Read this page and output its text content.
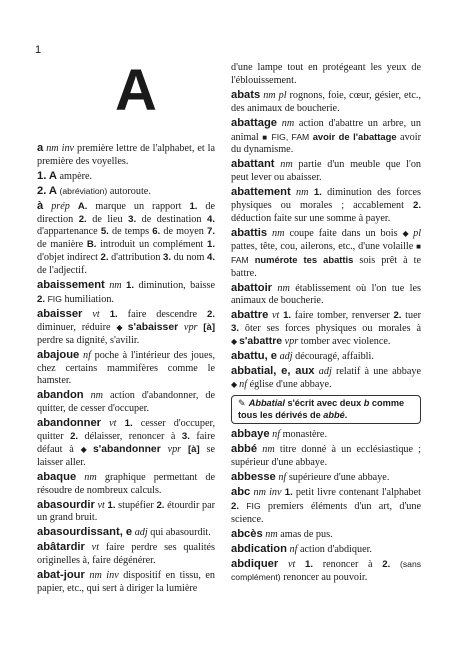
1
A

a nm inv première lettre de l'alphabet, et la première des voyelles.

1. A ampère.

2. A (abréviation) autoroute.

à prép A. marque un rapport 1. de direction 2. de lieu 3. de destination 4. d'appartenance 5. de temps 6. de moyen 7. de manière B. introduit un complément 1. d'objet indirect 2. d'attribution 3. du nom 4. de l'adjectif.

abaissement nm 1. diminution, baisse 2. FIG humiliation.

abaisser vt 1. faire descendre 2. diminuer, réduire ◆ s'abaisser vpr [à] perdre sa dignité, s'avilir.

abajoue nf poche à l'intérieur des joues, chez certains mammifères comme le hamster.

abandon nm action d'abandonner, de quitter, de cesser d'occuper.

abandonner vt 1. cesser d'occuper, quitter 2. délaisser, renoncer à 3. faire défaut à ◆ s'abandonner vpr [à] se laisser aller.

abaque nm graphique permettant de résoudre de nombreux calculs.

abasourdir vt 1. stupéfier 2. étourdir par un grand bruit.

abasourdissant, e adj qui abasourdit.

abâtardir vt faire perdre ses qualités originelles à, faire dégénérer.

abat-jour nm inv dispositif en tissu, en papier, etc., qui sert à diriger la lumière

d'une lampe tout en protégeant les yeux de l'éblouissement.

abats nm pl rognons, foie, cœur, gésier, etc., des animaux de boucherie.

abattage nm action d'abattre un arbre, un animal ■ FIG, FAM avoir de l'abattage avoir du dynamisme.

abattant nm partie d'un meuble que l'on peut lever ou abaisser.

abattement nm 1. diminution des forces physiques ou morales ; accablement 2. déduction faite sur une somme à payer.

abattis nm coupe faite dans un bois ◆ pl pattes, tête, cou, ailerons, etc., d'une volaille ■ FAM numérote tes abattis sois prêt à te battre.

abattoir nm établissement où l'on tue les animaux de boucherie.

abattre vt 1. faire tomber, renverser 2. tuer 3. ôter ses forces physiques ou morales à ◆ s'abattre vpr tomber avec violence.

abattu, e adj découragé, affaibli.

abbatial, e, aux adj relatif à une abbaye ◆ nf église d'une abbaye.

✎ Abbatial s'écrit avec deux b comme tous les dérivés de abbé.

abbaye nf monastère.

abbé nm titre donné à un ecclésiastique ; supérieur d'une abbaye.

abbesse nf supérieure d'une abbaye.

abc nm inv 1. petit livre contenant l'alphabet 2. FIG premiers éléments d'un art, d'une science.

abcès nm amas de pus.

abdication nf action d'abdiquer.

abdiquer vt 1. renoncer à 2. (sans complément) renoncer au pouvoir.
